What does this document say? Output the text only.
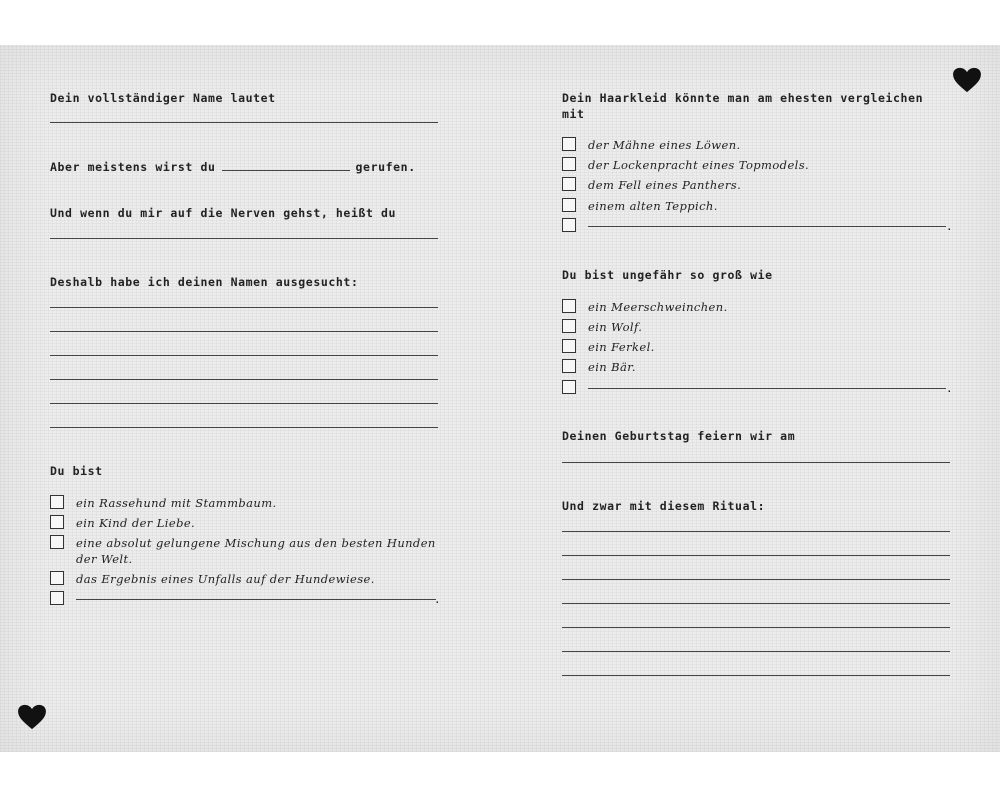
Dein vollständiger Name lautet
Aber meistens wirst du	gerufen.
Und wenn du mir auf die Nerven gehst, heißt du
Deshalb habe ich deinen Namen ausgesucht:
Du bist
ein Rassehund mit Stammbaum.
ein Kind der Liebe.
eine absolut gelungene Mischung aus den besten Hunden der Welt.
das Ergebnis eines Unfalls auf der Hundewiese.
.
Dein Haarkleid könnte man am ehesten vergleichen mit
der Mähne eines Löwen.
der Lockenpracht eines Topmodels.
dem Fell eines Panthers.
einem alten Teppich.
.
Du bist ungefähr so groß wie
ein Meerschweinchen.
ein Wolf.
ein Ferkel.
ein Bär.
.
Deinen Geburtstag feiern wir am
Und zwar mit diesem Ritual:
